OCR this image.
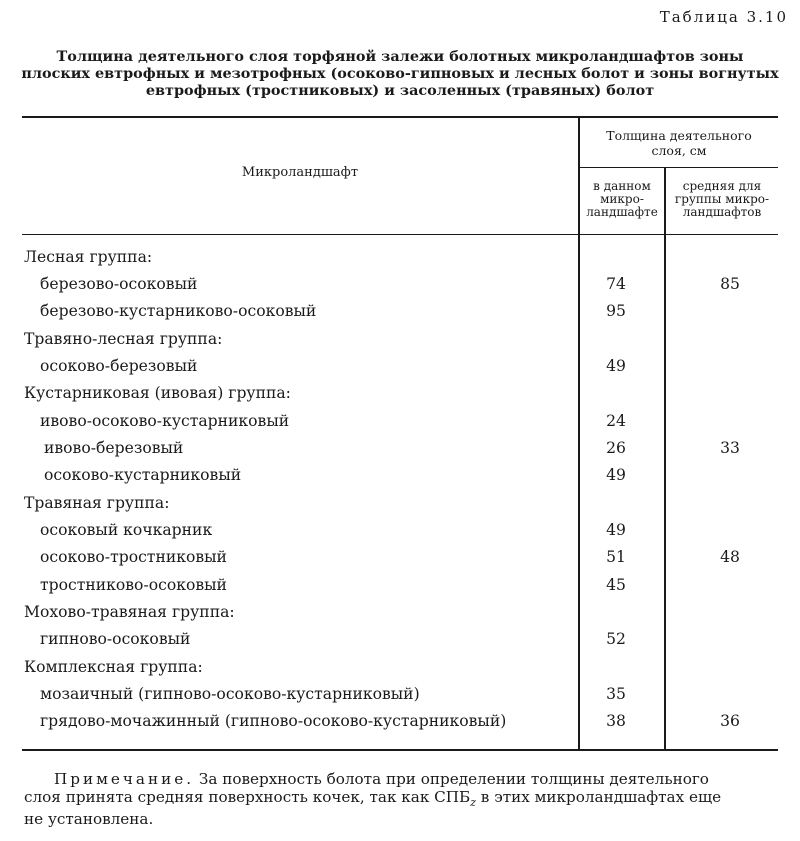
Таблица 3.10
Толщина деятельного слоя торфяной залежи болотных микроландшафтов зоны
плоских евтрофных и мезотрофных (осоково-гипновых и лесных болот и зоны вогнутых
евтрофных (тростниковых) и засоленных (травяных) болот
Микроландшафт
Толщина деятельного
слоя, см
в данном
микро-
ландшафте
средняя для
группы микро-
ландшафтов
Лесная группа:
березово-осоковый	74	85
березово-кустарниково-осоковый	95
Травяно-лесная группа:
осоково-березовый	49
Кустарниковая (ивовая) группа:
ивово-осоково-кустарниковый	24
ивово-березовый	26	33
осоково-кустарниковый	49
Травяная группа:
осоковый кочкарник	49
осоково-тростниковый	51	48
тростниково-осоковый	45
Мохово-травяная группа:
гипново-осоковый	52
Комплексная группа:
мозаичный (гипново-осоково-кустарниковый)	35
грядово-мочажинный (гипново-осоково-кустарниковый)	38	36
Примечание. За поверхность болота при определении толщины деятельного
слоя принята средняя поверхность кочек, так как $СПБ_z$ в этих микроландшафтах еще
не установлена.
